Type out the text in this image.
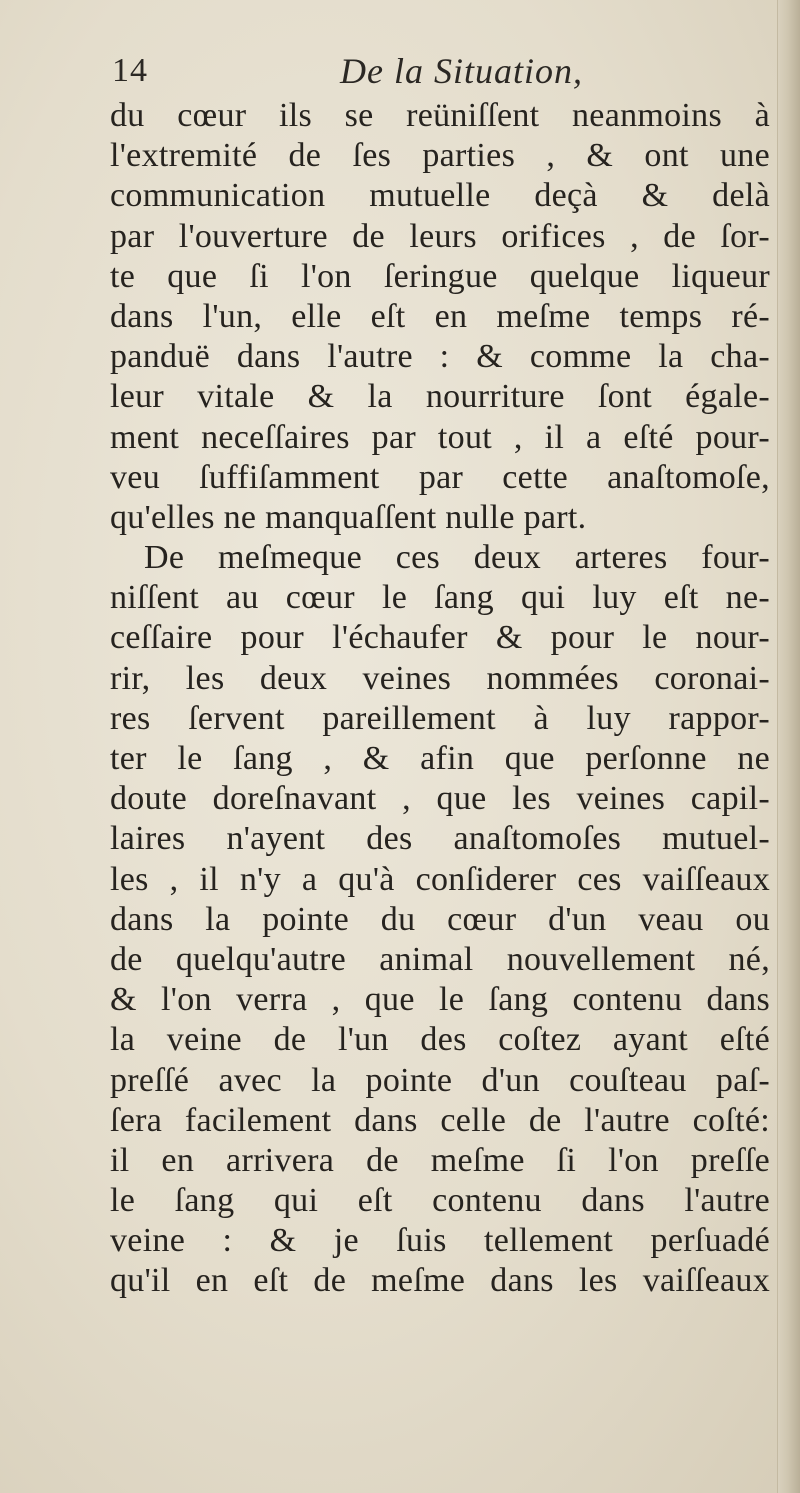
14	De la Situation,
du cœur ils se reüniſſent neanmoins à
l'extremité de ſes parties , & ont une
communication mutuelle deçà & delà
par l'ouverture de leurs orifices , de ſor-
te que ſi l'on ſeringue quelque liqueur
dans l'un, elle eſt en meſme temps ré-
panduë dans l'autre : & comme la cha-
leur vitale & la nourriture ſont égale-
ment neceſſaires par tout , il a eſté pour-
veu ſuffiſamment par cette anaſtomoſe,
qu'elles ne manquaſſent nulle part.
De meſmeque ces deux arteres four-
niſſent au cœur le ſang qui luy eſt ne-
ceſſaire pour l'échaufer & pour le nour-
rir, les deux veines nommées coronai-
res ſervent pareillement à luy rappor-
ter le ſang , & afin que perſonne ne
doute doreſnavant , que les veines capil-
laires n'ayent des anaſtomoſes mutuel-
les , il n'y a qu'à conſiderer ces vaiſſeaux
dans la pointe du cœur d'un veau ou
de quelqu'autre animal nouvellement né,
& l'on verra , que le ſang contenu dans
la veine de l'un des coſtez ayant eſté
preſſé avec la pointe d'un couſteau paſ-
ſera facilement dans celle de l'autre coſté:
il en arrivera de meſme ſi l'on preſſe
le ſang qui eſt contenu dans l'autre
veine : & je ſuis tellement perſuadé
qu'il en eſt de meſme dans les vaiſſeaux
